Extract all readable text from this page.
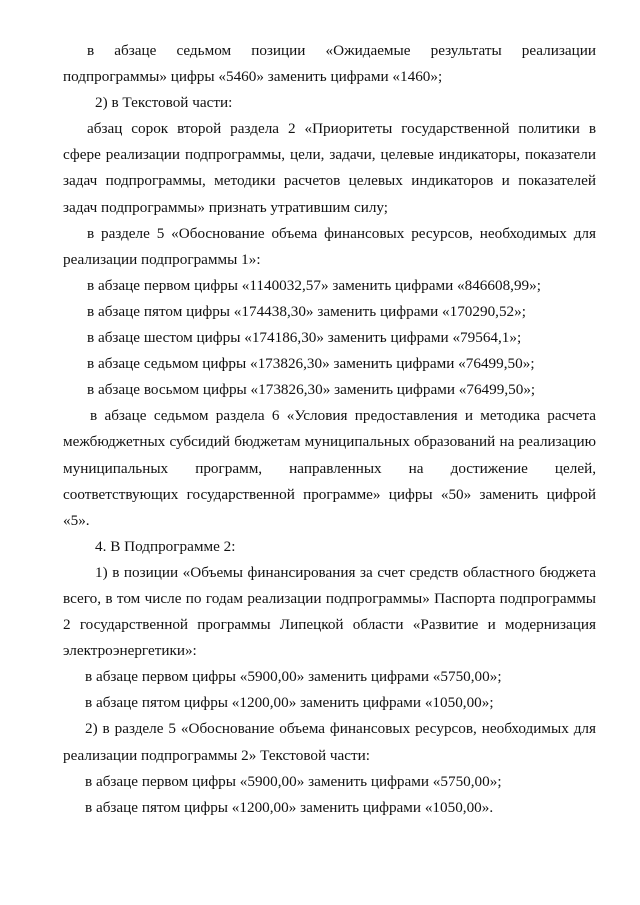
в абзаце седьмом позиции «Ожидаемые результаты реализации подпрограммы» цифры «5460» заменить цифрами «1460»;

2) в Текстовой части:

абзац сорок второй раздела 2 «Приоритеты государственной политики в сфере реализации подпрограммы, цели, задачи, целевые индикаторы, показатели задач подпрограммы, методики расчетов целевых индикаторов и показателей задач подпрограммы» признать утратившим силу;

в разделе 5 «Обоснование объема финансовых ресурсов, необходимых для реализации подпрограммы 1»:

в абзаце первом цифры «1140032,57» заменить цифрами «846608,99»;

в абзаце пятом цифры «174438,30» заменить цифрами «170290,52»;

в абзаце шестом цифры «174186,30» заменить цифрами «79564,1»;

в абзаце седьмом цифры «173826,30» заменить цифрами «76499,50»;

в абзаце восьмом цифры «173826,30» заменить цифрами «76499,50»;

в абзаце седьмом раздела 6 «Условия предоставления и методика расчета межбюджетных субсидий бюджетам муниципальных образований на реализацию муниципальных программ, направленных на достижение целей, соответствующих государственной программе» цифры «50» заменить цифрой «5».

4. В Подпрограмме 2:

1) в позиции «Объемы финансирования за счет средств областного бюджета всего, в том числе по годам реализации подпрограммы» Паспорта подпрограммы 2 государственной программы Липецкой области «Развитие и модернизация электроэнергетики»:

в абзаце первом цифры «5900,00» заменить цифрами «5750,00»;

в абзаце пятом цифры «1200,00» заменить цифрами «1050,00»;

2) в разделе 5 «Обоснование объема финансовых ресурсов, необходимых для реализации подпрограммы 2» Текстовой части:

в абзаце первом цифры «5900,00» заменить цифрами «5750,00»;

в абзаце пятом цифры «1200,00» заменить цифрами «1050,00».
